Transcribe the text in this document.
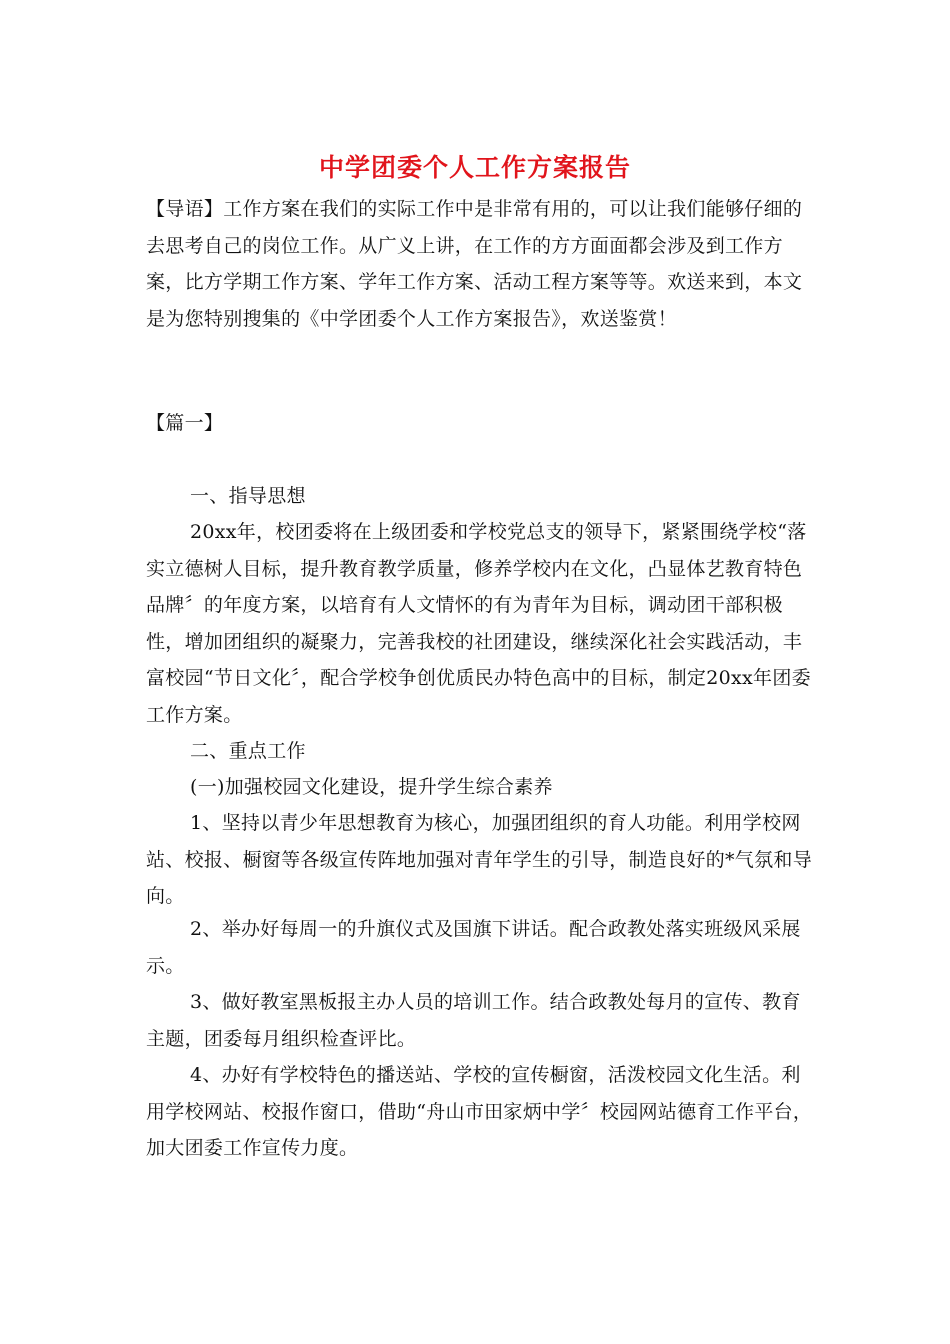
中学团委个人工作方案报告

【导语】工作方案在我们的实际工作中是非常有用的，可以让我们能够仔细的去思考自己的岗位工作。从广义上讲，在工作的方方面面都会涉及到工作方案，比方学期工作方案、学年工作方案、活动工程方案等等。欢送来到，本文是为您特别搜集的《中学团委个人工作方案报告》，欢送鉴赏！

【篇一】

一、指导思想

20xx年，校团委将在上级团委和学校党总支的领导下，紧紧围绕学校“落实立德树人目标，提升教育教学质量，修养学校内在文化，凸显体艺教育特色品牌〞的年度方案，以培育有人文情怀的有为青年为目标，调动团干部积极性，增加团组织的凝聚力，完善我校的社团建设，继续深化社会实践活动，丰富校园“节日文化〞，配合学校争创优质民办特色高中的目标，制定20xx年团委工作方案。

二、重点工作

(一)加强校园文化建设，提升学生综合素养

1、坚持以青少年思想教育为核心，加强团组织的育人功能。利用学校网站、校报、橱窗等各级宣传阵地加强对青年学生的引导，制造良好的*气氛和导向。

2、举办好每周一的升旗仪式及国旗下讲话。配合政教处落实班级风采展示。

3、做好教室黑板报主办人员的培训工作。结合政教处每月的宣传、教育主题，团委每月组织检查评比。

4、办好有学校特色的播送站、学校的宣传橱窗，活泼校园文化生活。利用学校网站、校报作窗口，借助“舟山市田家炳中学〞校园网站德育工作平台，加大团委工作宣传力度。
